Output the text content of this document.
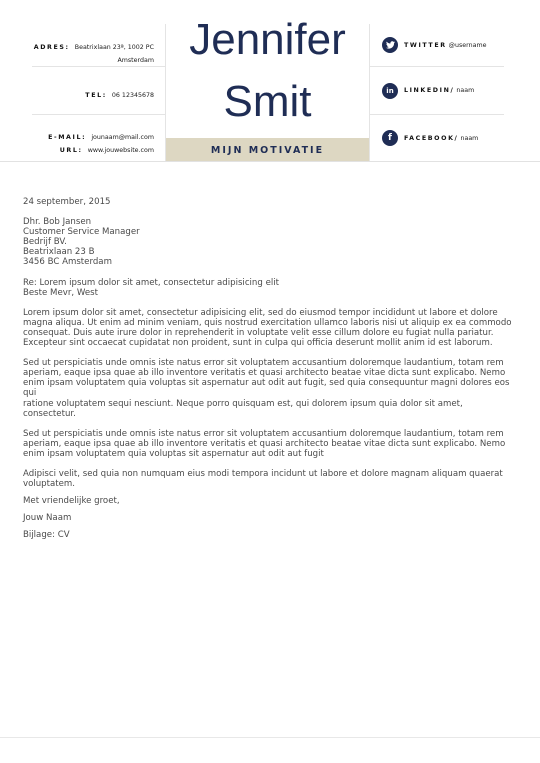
ADRES: Beatrixlaan 23ª, 1002 PC
Amsterdam
TEL: 06 12345678
E-MAIL: jounaam@mail.com
URL: www.jouwebsite.com
Jennifer
Smit
MIJN MOTIVATIE
TWITTER @username
in	LINKEDIN/ naam
f	FACEBOOK/ naam

24 september, 2015

Dhr. Bob Jansen

Customer Service Manager

Bedrijf BV.

Beatrixlaan 23 B

3456 BC Amsterdam

Re: Lorem ipsum dolor sit amet, consectetur adipisicing elit

Beste Mevr, West

Lorem ipsum dolor sit amet, consectetur adipisicing elit, sed do eiusmod tempor incididunt ut labore et dolore

magna aliqua. Ut enim ad minim veniam, quis nostrud exercitation ullamco laboris nisi ut aliquip ex ea commodo

consequat. Duis aute irure dolor in reprehenderit in voluptate velit esse cillum dolore eu fugiat nulla pariatur.

Excepteur sint occaecat cupidatat non proident, sunt in culpa qui officia deserunt mollit anim id est laborum.

Sed ut perspiciatis unde omnis iste natus error sit voluptatem accusantium doloremque laudantium, totam rem

aperiam, eaque ipsa quae ab illo inventore veritatis et quasi architecto beatae vitae dicta sunt explicabo. Nemo

enim ipsam voluptatem quia voluptas sit aspernatur aut odit aut fugit, sed quia consequuntur magni dolores eos qui

ratione voluptatem sequi nesciunt. Neque porro quisquam est, qui dolorem ipsum quia dolor sit amet, consectetur.

Sed ut perspiciatis unde omnis iste natus error sit voluptatem accusantium doloremque laudantium, totam rem

aperiam, eaque ipsa quae ab illo inventore veritatis et quasi architecto beatae vitae dicta sunt explicabo. Nemo

enim ipsam voluptatem quia voluptas sit aspernatur aut odit aut fugit

Adipisci velit, sed quia non numquam eius modi tempora incidunt ut labore et dolore magnam aliquam quaerat

voluptatem.

Met vriendelijke groet,

Jouw Naam

Bijlage: CV
